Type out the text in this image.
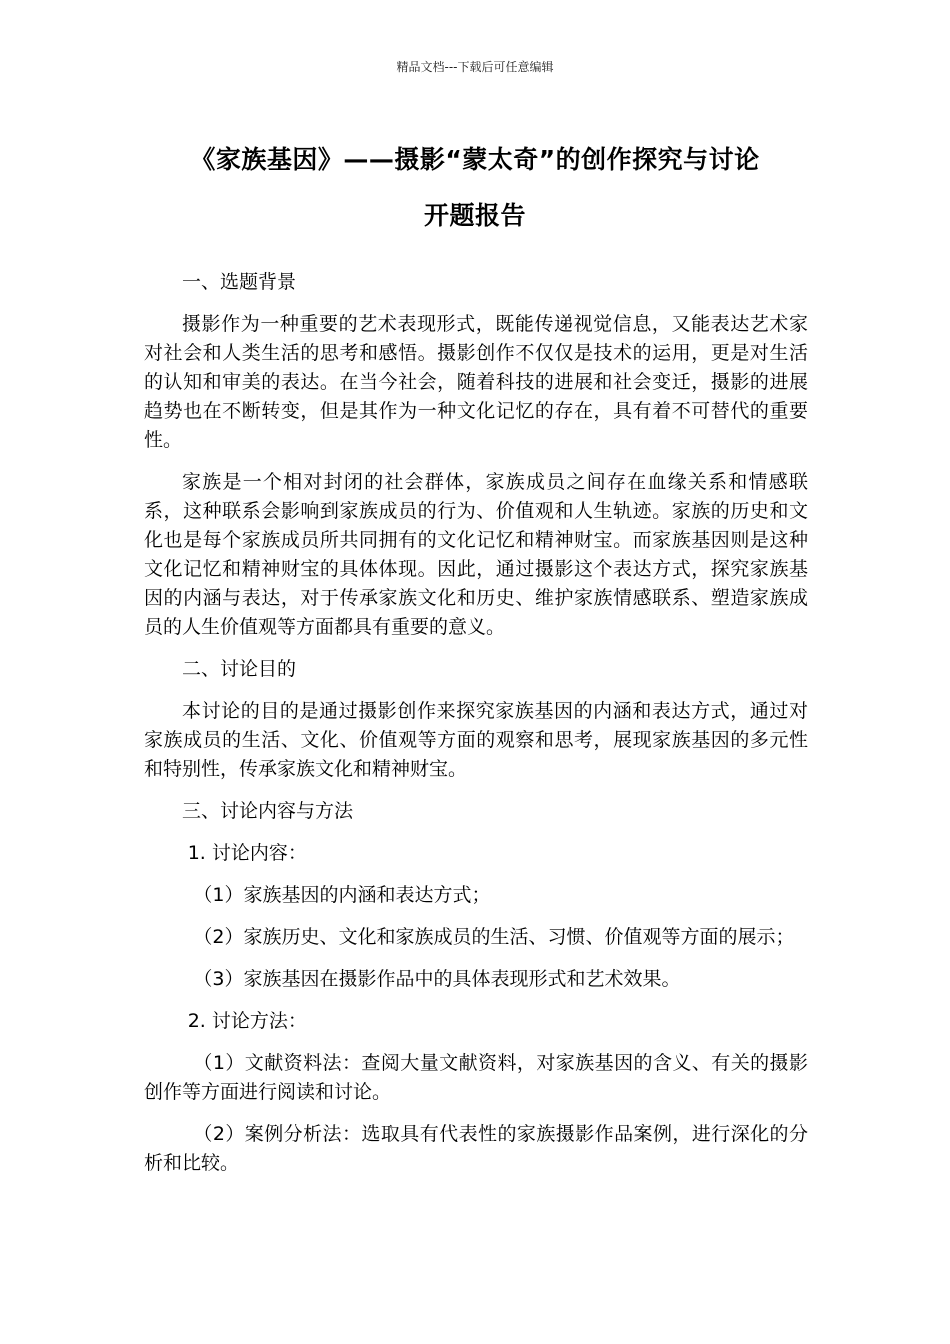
精品文档---下载后可任意编辑
《家族基因》——摄影“蒙太奇”的创作探究与讨论
开题报告

一、选题背景

摄影作为一种重要的艺术表现形式，既能传递视觉信息，又能表达艺术家对社会和人类生活的思考和感悟。摄影创作不仅仅是技术的运用，更是对生活的认知和审美的表达。在当今社会，随着科技的进展和社会变迁，摄影的进展趋势也在不断转变，但是其作为一种文化记忆的存在，具有着不可替代的重要性。

家族是一个相对封闭的社会群体，家族成员之间存在血缘关系和情感联系，这种联系会影响到家族成员的行为、价值观和人生轨迹。家族的历史和文化也是每个家族成员所共同拥有的文化记忆和精神财宝。而家族基因则是这种文化记忆和精神财宝的具体体现。因此，通过摄影这个表达方式，探究家族基因的内涵与表达，对于传承家族文化和历史、维护家族情感联系、塑造家族成员的人生价值观等方面都具有重要的意义。

二、讨论目的

本讨论的目的是通过摄影创作来探究家族基因的内涵和表达方式，通过对家族成员的生活、文化、价值观等方面的观察和思考，展现家族基因的多元性和特别性，传承家族文化和精神财宝。

三、讨论内容与方法

1. 讨论内容：

（1）家族基因的内涵和表达方式；

（2）家族历史、文化和家族成员的生活、习惯、价值观等方面的展示；

（3）家族基因在摄影作品中的具体表现形式和艺术效果。

2. 讨论方法：

（1）文献资料法：查阅大量文献资料，对家族基因的含义、有关的摄影创作等方面进行阅读和讨论。

（2）案例分析法：选取具有代表性的家族摄影作品案例，进行深化的分析和比较。
